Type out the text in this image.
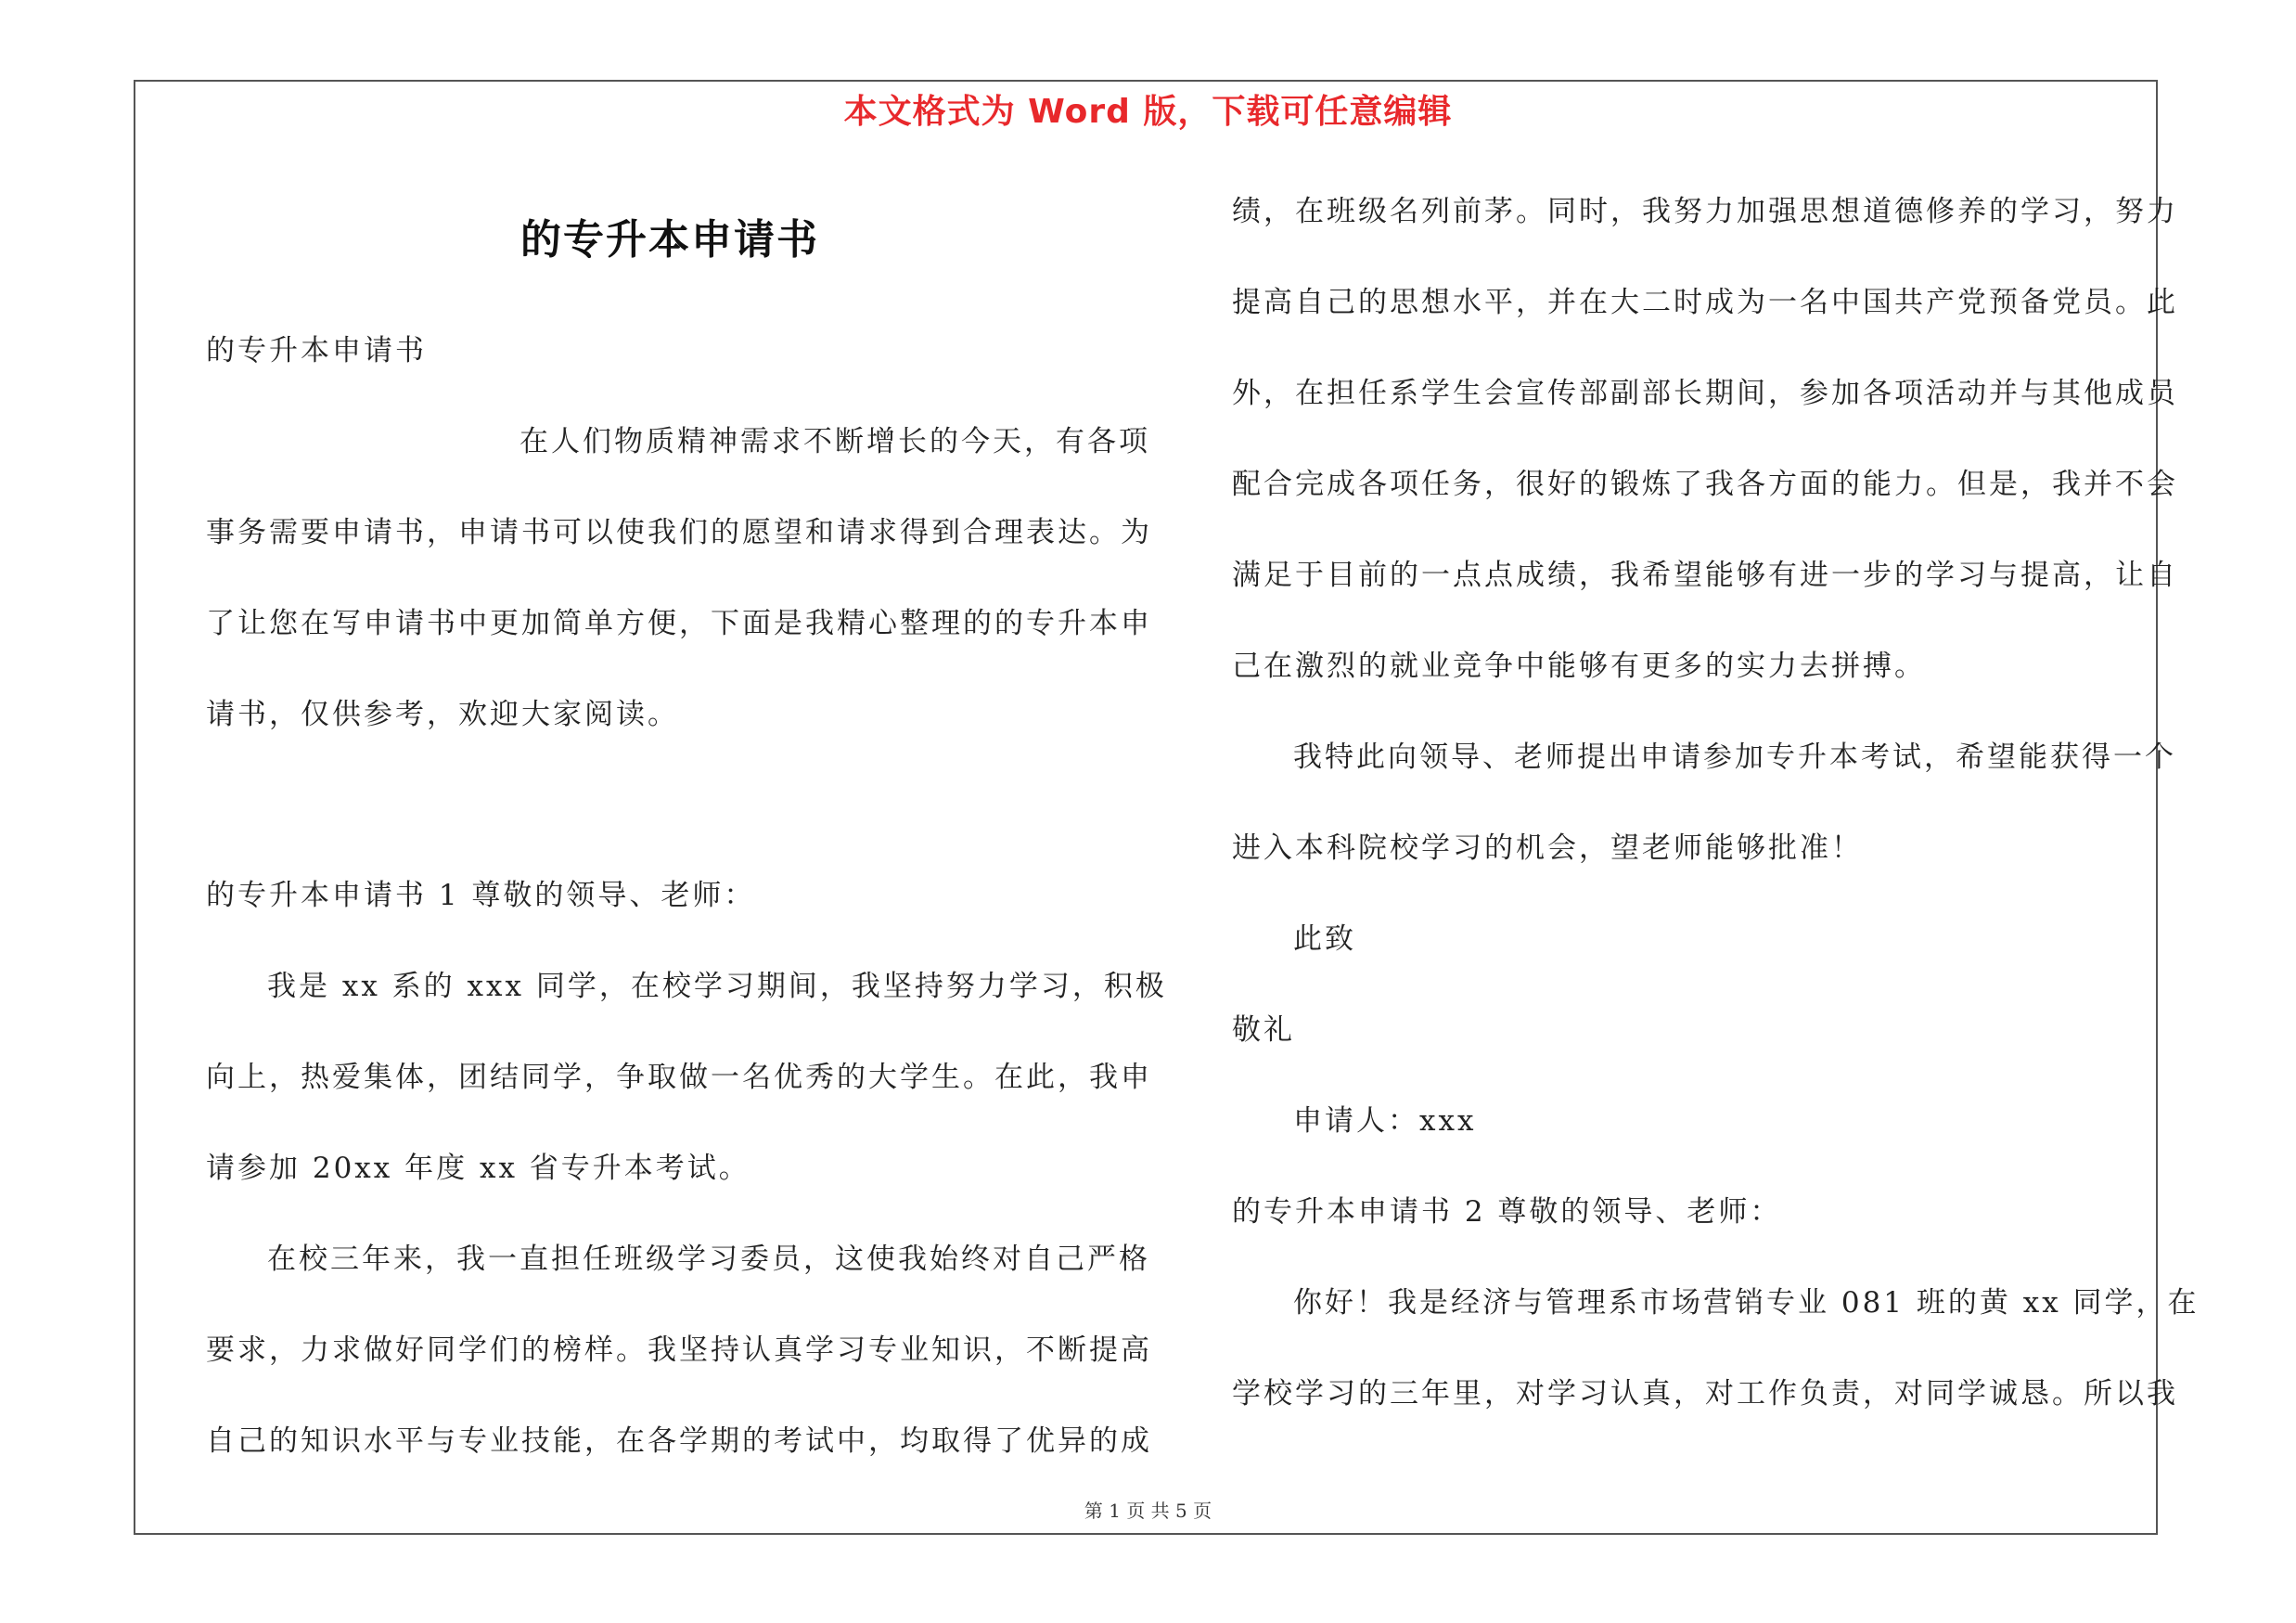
本文格式为 Word 版，下载可任意编辑
的专升本申请书
的专升本申请书
在人们物质精神需求不断增长的今天，有各项
事务需要申请书，申请书可以使我们的愿望和请求得到合理表达。为
了让您在写申请书中更加简单方便，下面是我精心整理的的专升本申
请书，仅供参考，欢迎大家阅读。
的专升本申请书 1 尊敬的领导、老师：
我是 xx 系的 xxx 同学，在校学习期间，我坚持努力学习，积极
向上，热爱集体，团结同学，争取做一名优秀的大学生。在此，我申
请参加 20xx 年度 xx 省专升本考试。
在校三年来，我一直担任班级学习委员，这使我始终对自己严格
要求，力求做好同学们的榜样。我坚持认真学习专业知识，不断提高
自己的知识水平与专业技能，在各学期的考试中，均取得了优异的成
绩，在班级名列前茅。同时，我努力加强思想道德修养的学习，努力
提高自己的思想水平，并在大二时成为一名中国共产党预备党员。此
外，在担任系学生会宣传部副部长期间，参加各项活动并与其他成员
配合完成各项任务，很好的锻炼了我各方面的能力。但是，我并不会
满足于目前的一点点成绩，我希望能够有进一步的学习与提高，让自
己在激烈的就业竞争中能够有更多的实力去拼搏。
我特此向领导、老师提出申请参加专升本考试，希望能获得一个
进入本科院校学习的机会，望老师能够批准！
此致
敬礼
申请人：xxx
的专升本申请书 2 尊敬的领导、老师：
你好！我是经济与管理系市场营销专业 081 班的黄 xx 同学，在
学校学习的三年里，对学习认真，对工作负责，对同学诚恳。所以我
第 1 页 共 5 页
